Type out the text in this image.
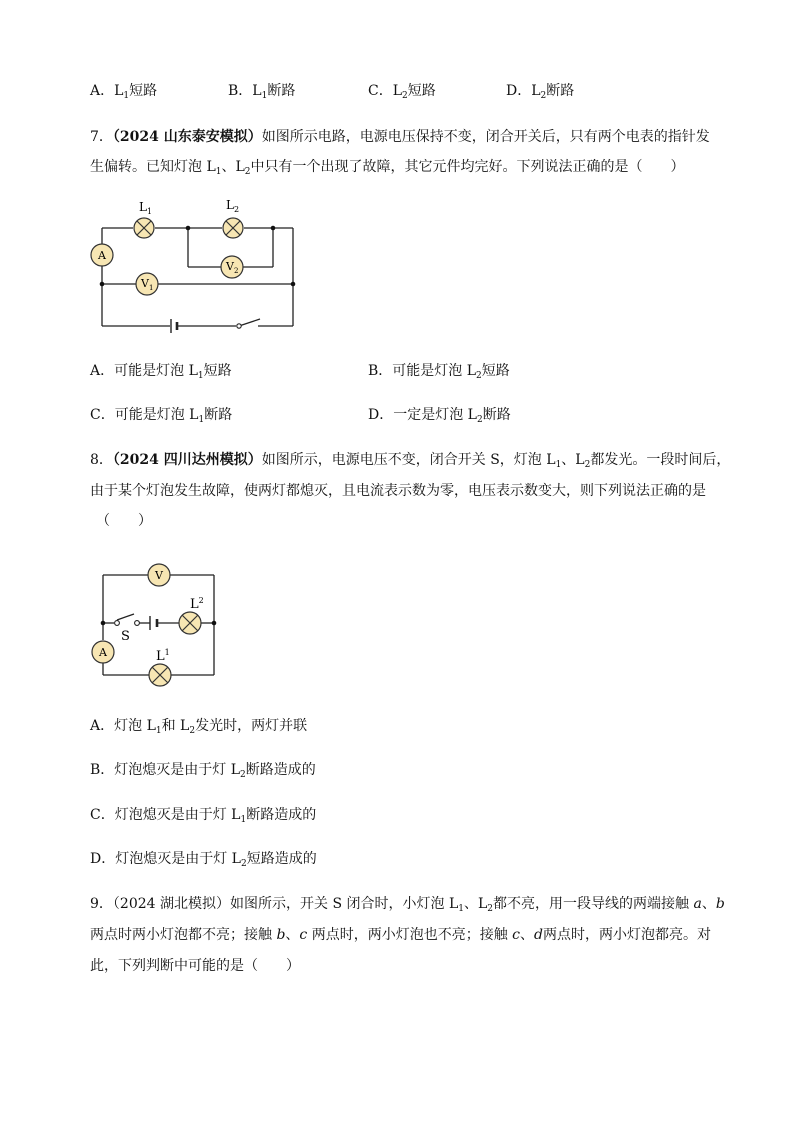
A．$L_1$短路	B．$L_1$断路	C．$L_2$短路	D．$L_2$断路
7．（2024 山东泰安模拟）如图所示电路，电源电压保持不变，闭合开关后，只有两个电表的指针发
生偏转。已知灯泡 $L_1$、$L_2$中只有一个出现了故障，其它元件均完好。下列说法正确的是（　　）
$L_1$	$L_2$
A
$V_1$
$V_2$
A．可能是灯泡 $L_1$短路	B．可能是灯泡 $L_2$短路
C．可能是灯泡 $L_1$断路	D．一定是灯泡 $L_2$断路
8．（2024 四川达州模拟）如图所示，电源电压不变，闭合开关 S，灯泡 $L_1$、$L_2$都发光。一段时间后，
由于某个灯泡发生故障，使两灯都熄灭，且电流表示数为零，电压表示数变大，则下列说法正确的是
（　　）
V
S
$L^2$
A	$L^1$
A．灯泡 $L_1$和 $L_2$发光时，两灯并联
B．灯泡熄灭是由于灯 $L_2$断路造成的
C．灯泡熄灭是由于灯 $L_1$断路造成的
D．灯泡熄灭是由于灯 $L_2$短路造成的
9．（2024 湖北模拟）如图所示，开关 S 闭合时，小灯泡 $L_1$、$L_2$都不亮，用一段导线的两端接触 a、b
两点时两小灯泡都不亮；接触 b、c 两点时，两小灯泡也不亮；接触 c、d两点时，两小灯泡都亮。对
此，下列判断中可能的是（　　）
